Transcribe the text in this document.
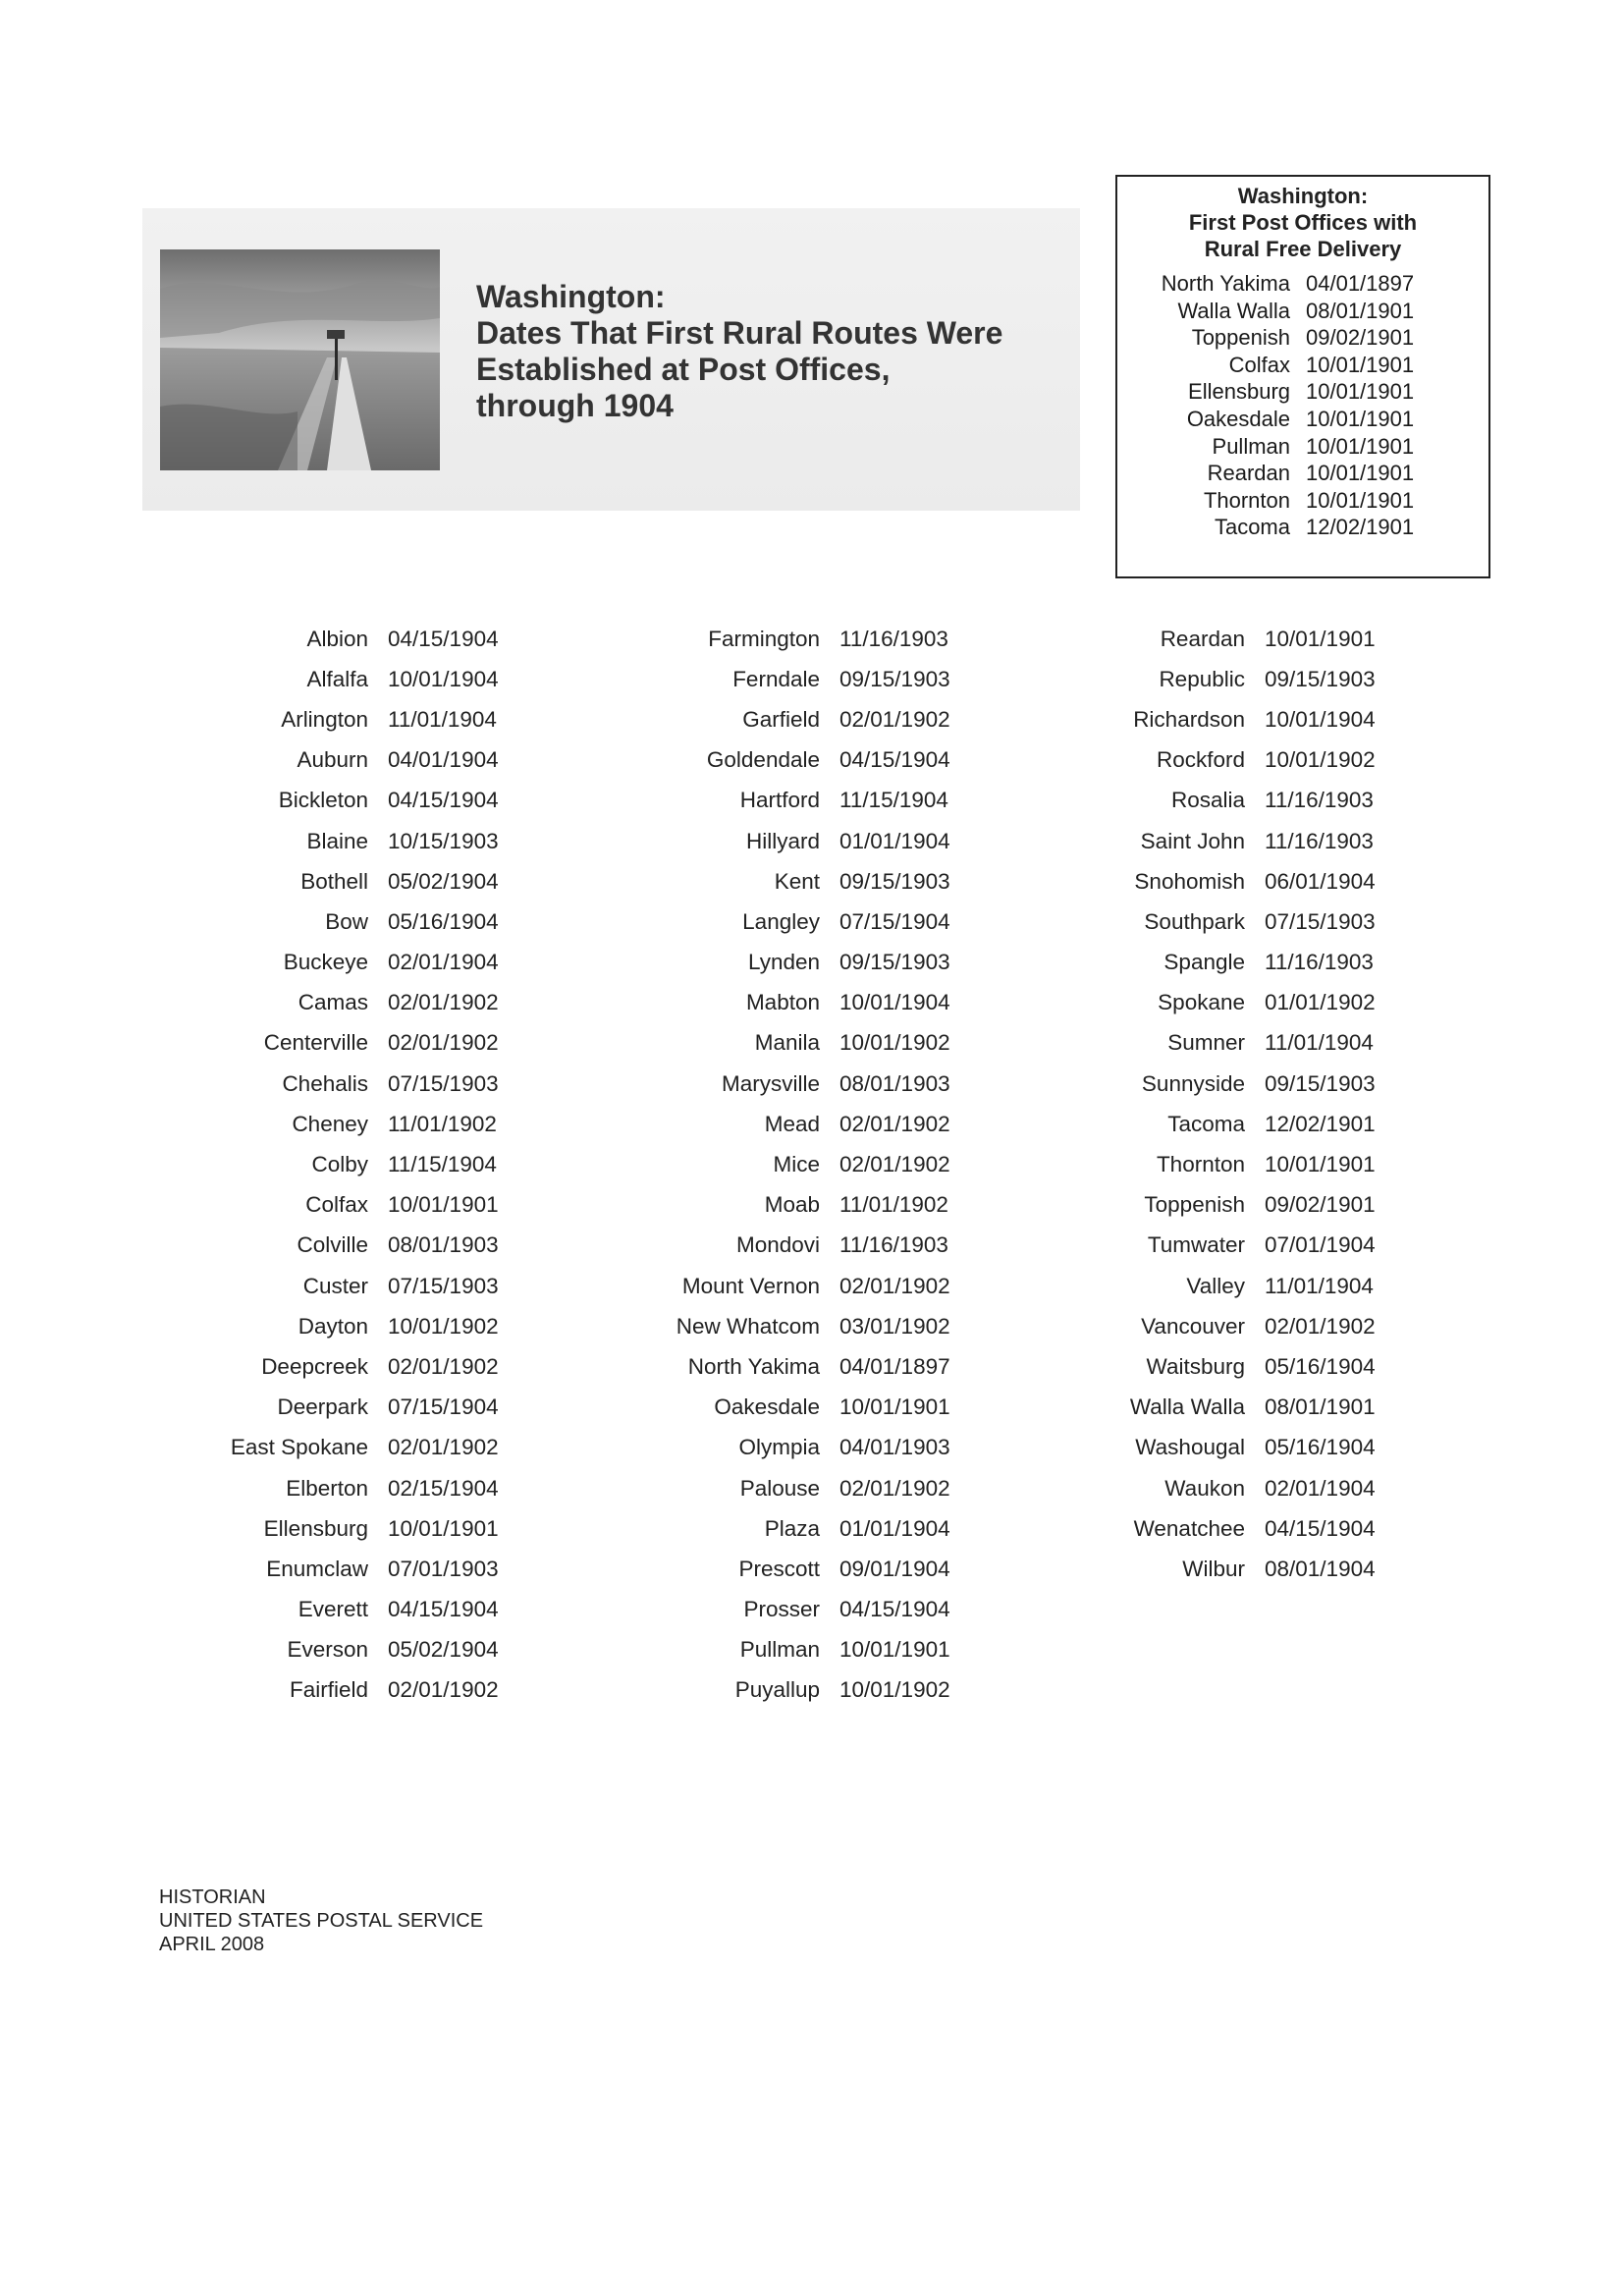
Washington:
Dates That First Rural Routes Were
Established at Post Offices,
through 1904
Washington:
First Post Offices with
Rural Free Delivery
North Yakima 04/01/1897
Walla Walla 08/01/1901
Toppenish 09/02/1901
Colfax 10/01/1901
Ellensburg 10/01/1901
Oakesdale 10/01/1901
Pullman 10/01/1901
Reardan 10/01/1901
Thornton 10/01/1901
Tacoma 12/02/1901
Albion 04/15/1904
Alfalfa 10/01/1904
Arlington 11/01/1904
Auburn 04/01/1904
Bickleton 04/15/1904
Blaine 10/15/1903
Bothell 05/02/1904
Bow 05/16/1904
Buckeye 02/01/1904
Camas 02/01/1902
Centerville 02/01/1902
Chehalis 07/15/1903
Cheney 11/01/1902
Colby 11/15/1904
Colfax 10/01/1901
Colville 08/01/1903
Custer 07/15/1903
Dayton 10/01/1902
Deepcreek 02/01/1902
Deerpark 07/15/1904
East Spokane 02/01/1902
Elberton 02/15/1904
Ellensburg 10/01/1901
Enumclaw 07/01/1903
Everett 04/15/1904
Everson 05/02/1904
Fairfield 02/01/1902
Farmington 11/16/1903
Ferndale 09/15/1903
Garfield 02/01/1902
Goldendale 04/15/1904
Hartford 11/15/1904
Hillyard 01/01/1904
Kent 09/15/1903
Langley 07/15/1904
Lynden 09/15/1903
Mabton 10/01/1904
Manila 10/01/1902
Marysville 08/01/1903
Mead 02/01/1902
Mice 02/01/1902
Moab 11/01/1902
Mondovi 11/16/1903
Mount Vernon 02/01/1902
New Whatcom 03/01/1902
North Yakima 04/01/1897
Oakesdale 10/01/1901
Olympia 04/01/1903
Palouse 02/01/1902
Plaza 01/01/1904
Prescott 09/01/1904
Prosser 04/15/1904
Pullman 10/01/1901
Puyallup 10/01/1902
Reardan 10/01/1901
Republic 09/15/1903
Richardson 10/01/1904
Rockford 10/01/1902
Rosalia 11/16/1903
Saint John 11/16/1903
Snohomish 06/01/1904
Southpark 07/15/1903
Spangle 11/16/1903
Spokane 01/01/1902
Sumner 11/01/1904
Sunnyside 09/15/1903
Tacoma 12/02/1901
Thornton 10/01/1901
Toppenish 09/02/1901
Tumwater 07/01/1904
Valley 11/01/1904
Vancouver 02/01/1902
Waitsburg 05/16/1904
Walla Walla 08/01/1901
Washougal 05/16/1904
Waukon 02/01/1904
Wenatchee 04/15/1904
Wilbur 08/01/1904
HISTORIAN
UNITED STATES POSTAL SERVICE
APRIL 2008
